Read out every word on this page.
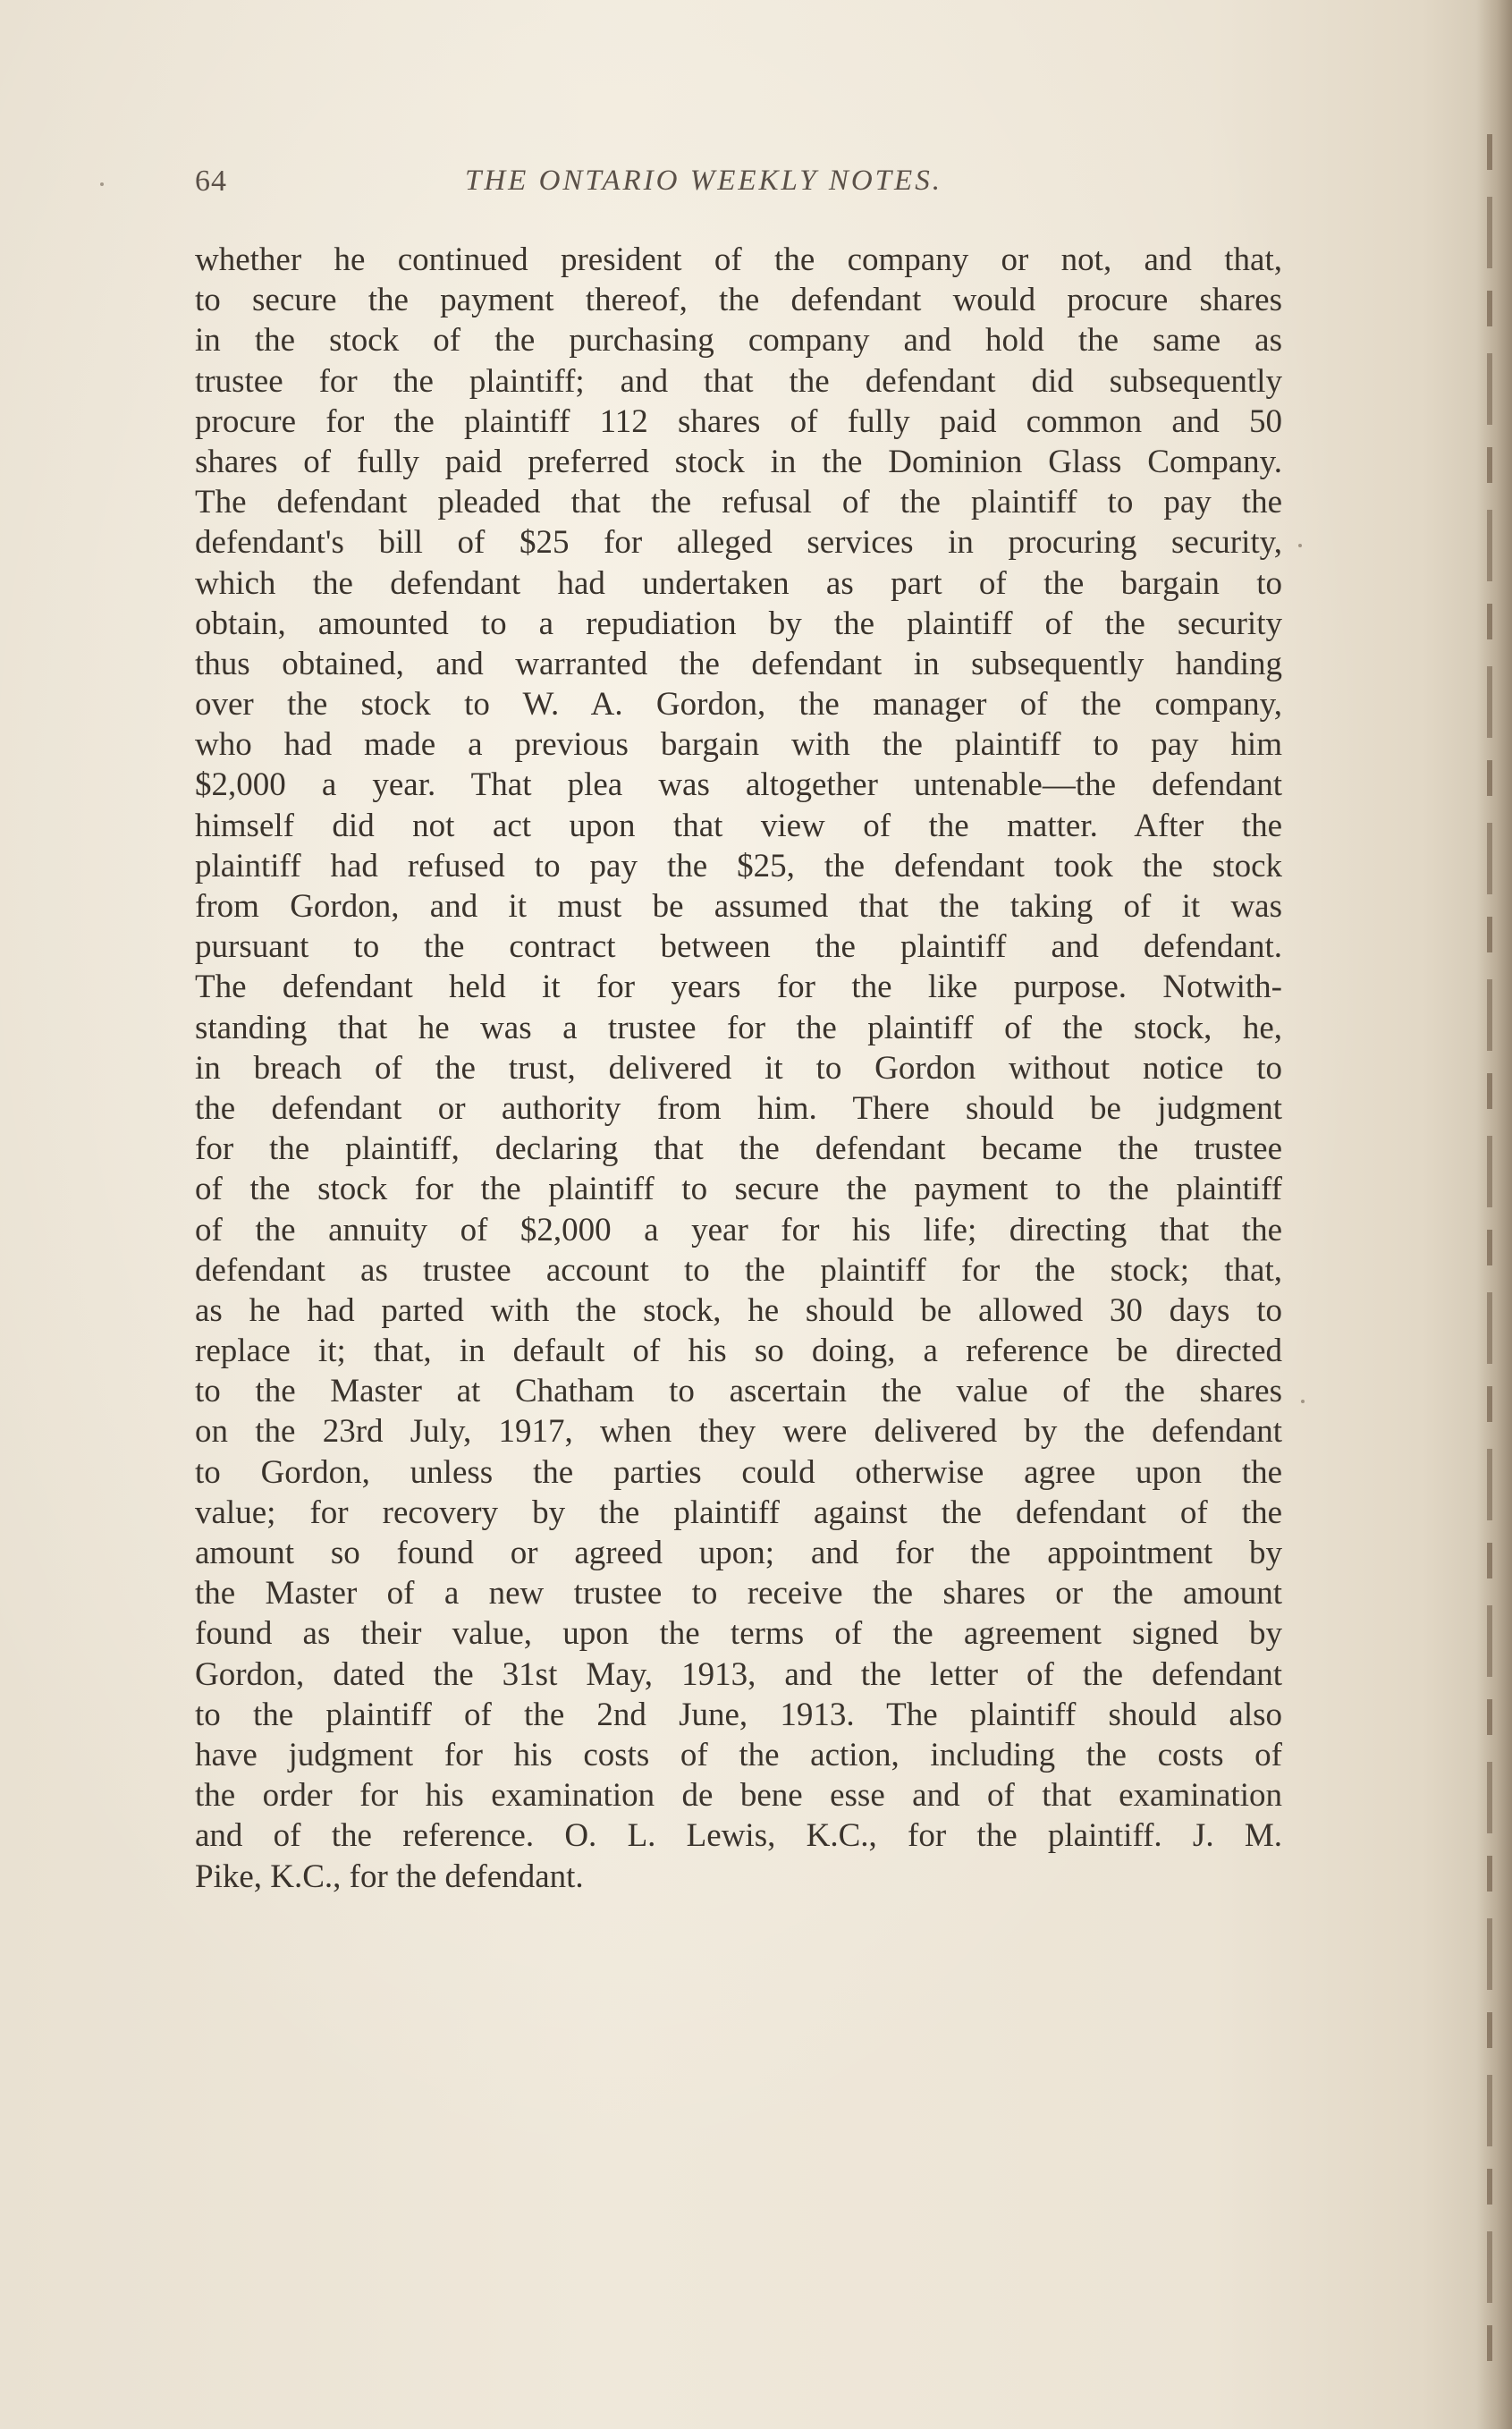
64	THE ONTARIO WEEKLY NOTES.
whether he continued president of the company or not, and that,
to secure the payment thereof, the defendant would procure shares
in the stock of the purchasing company and hold the same as
trustee for the plaintiff; and that the defendant did subsequently
procure for the plaintiff 112 shares of fully paid common and 50
shares of fully paid preferred stock in the Dominion Glass Company.
The defendant pleaded that the refusal of the plaintiff to pay the
defendant's bill of $25 for alleged services in procuring security,
which the defendant had undertaken as part of the bargain to
obtain, amounted to a repudiation by the plaintiff of the security
thus obtained, and warranted the defendant in subsequently handing
over the stock to W. A. Gordon, the manager of the company,
who had made a previous bargain with the plaintiff to pay him
$2,000 a year. That plea was altogether untenable—the defendant
himself did not act upon that view of the matter. After the
plaintiff had refused to pay the $25, the defendant took the stock
from Gordon, and it must be assumed that the taking of it was
pursuant to the contract between the plaintiff and defendant.
The defendant held it for years for the like purpose. Notwith-
standing that he was a trustee for the plaintiff of the stock, he,
in breach of the trust, delivered it to Gordon without notice to
the defendant or authority from him. There should be judgment
for the plaintiff, declaring that the defendant became the trustee
of the stock for the plaintiff to secure the payment to the plaintiff
of the annuity of $2,000 a year for his life; directing that the
defendant as trustee account to the plaintiff for the stock; that,
as he had parted with the stock, he should be allowed 30 days to
replace it; that, in default of his so doing, a reference be directed
to the Master at Chatham to ascertain the value of the shares
on the 23rd July, 1917, when they were delivered by the defendant
to Gordon, unless the parties could otherwise agree upon the
value; for recovery by the plaintiff against the defendant of the
amount so found or agreed upon; and for the appointment by
the Master of a new trustee to receive the shares or the amount
found as their value, upon the terms of the agreement signed by
Gordon, dated the 31st May, 1913, and the letter of the defendant
to the plaintiff of the 2nd June, 1913. The plaintiff should also
have judgment for his costs of the action, including the costs of
the order for his examination de bene esse and of that examination
and of the reference. O. L. Lewis, K.C., for the plaintiff. J. M.
Pike, K.C., for the defendant.
